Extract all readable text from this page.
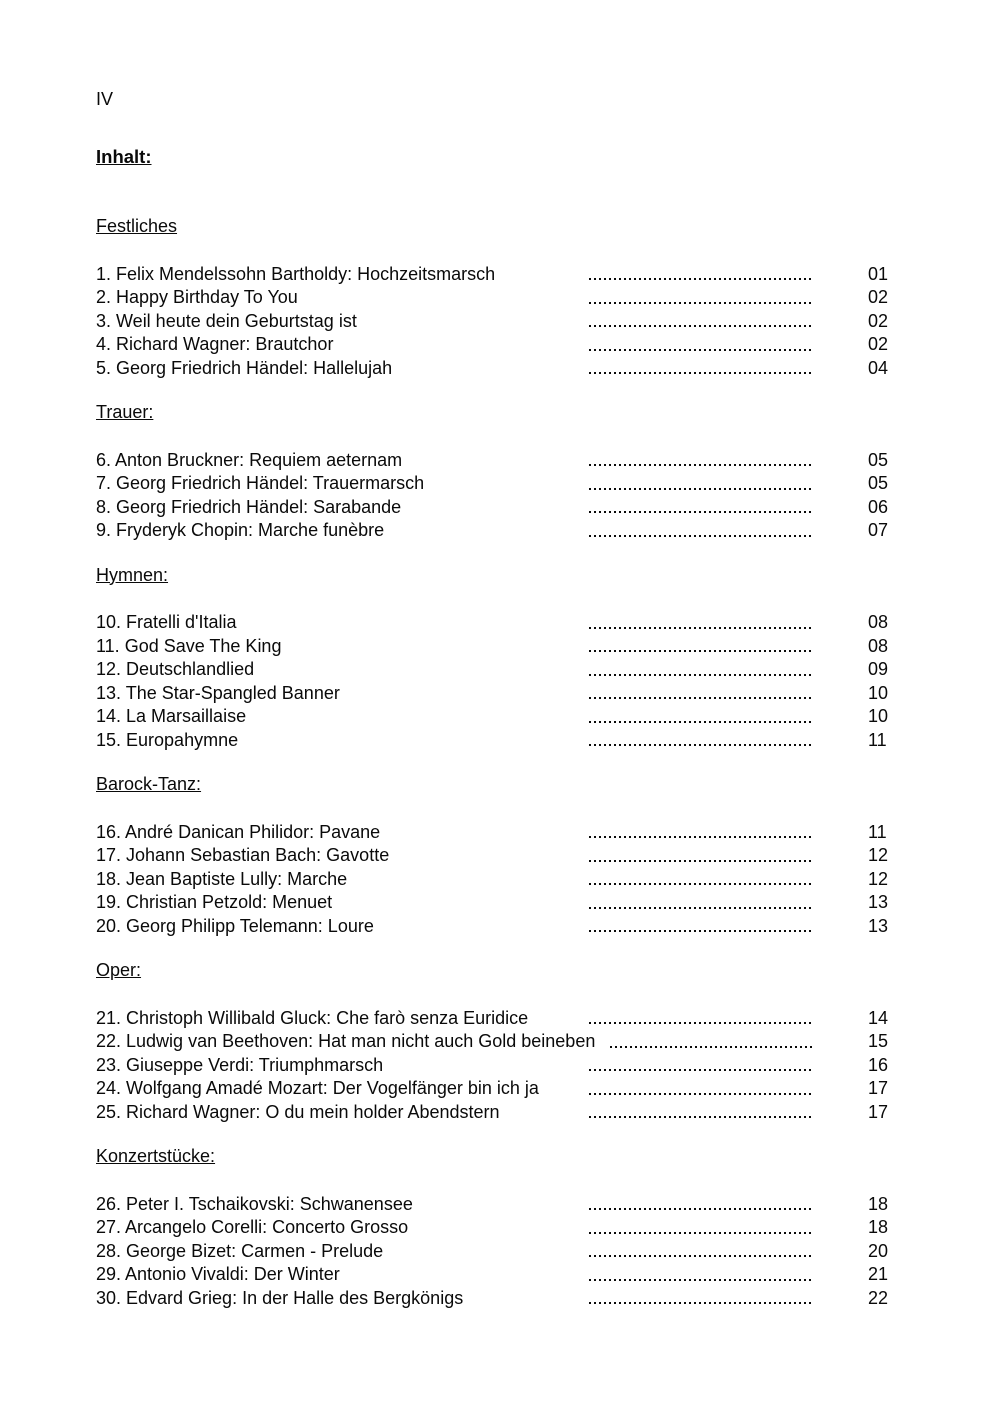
IV
Inhalt:
Festliches
1. Felix Mendelssohn Bartholdy: Hochzeitsmarsch	01
2. Happy Birthday To You	02
3. Weil heute dein Geburtstag ist	02
4. Richard Wagner: Brautchor	02
5. Georg Friedrich Händel: Hallelujah	04
Trauer:
6. Anton Bruckner: Requiem aeternam	05
7. Georg Friedrich Händel: Trauermarsch	05
8. Georg Friedrich Händel: Sarabande	06
9. Fryderyk Chopin: Marche funèbre	07
Hymnen:
10. Fratelli d'Italia	08
11. God Save The King	08
12. Deutschlandlied	09
13. The Star-Spangled Banner	10
14. La Marsaillaise	10
15. Europahymne	11
Barock-Tanz:
16. André Danican Philidor: Pavane	11
17. Johann Sebastian Bach: Gavotte	12
18. Jean Baptiste Lully: Marche	12
19. Christian Petzold: Menuet	13
20. Georg Philipp Telemann: Loure	13
Oper:
21. Christoph Willibald Gluck: Che farò senza Euridice	14
22. Ludwig van Beethoven: Hat man nicht auch Gold beineben	15
23. Giuseppe Verdi: Triumphmarsch	16
24. Wolfgang Amadé Mozart: Der Vogelfänger bin ich ja	17
25. Richard Wagner: O du mein holder Abendstern	17
Konzertstücke:
26. Peter I. Tschaikovski: Schwanensee	18
27. Arcangelo Corelli: Concerto Grosso	18
28. George Bizet: Carmen - Prelude	20
29. Antonio Vivaldi: Der Winter	21
30. Edvard Grieg: In der Halle des Bergkönigs	22
